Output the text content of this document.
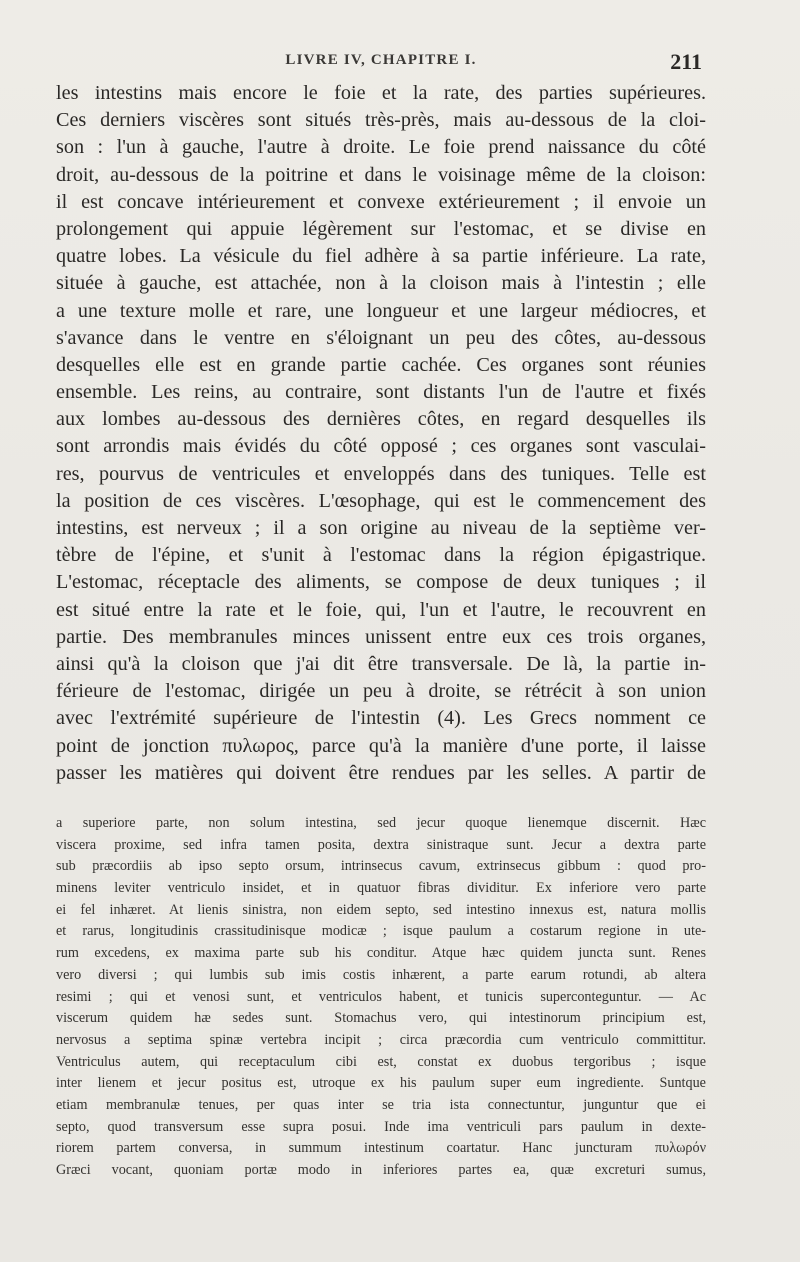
LIVRE IV, CHAPITRE I.	211
les intestins mais encore le foie et la rate, des parties supérieures.
Ces derniers viscères sont situés très-près, mais au-dessous de la cloi-
son : l'un à gauche, l'autre à droite. Le foie prend naissance du côté
droit, au-dessous de la poitrine et dans le voisinage même de la cloison:
il est concave intérieurement et convexe extérieurement ; il envoie un
prolongement qui appuie légèrement sur l'estomac, et se divise en
quatre lobes. La vésicule du fiel adhère à sa partie inférieure. La rate,
située à gauche, est attachée, non à la cloison mais à l'intestin ; elle
a une texture molle et rare, une longueur et une largeur médiocres, et
s'avance dans le ventre en s'éloignant un peu des côtes, au-dessous
desquelles elle est en grande partie cachée. Ces organes sont réunies
ensemble. Les reins, au contraire, sont distants l'un de l'autre et fixés
aux lombes au-dessous des dernières côtes, en regard desquelles ils
sont arrondis mais évidés du côté opposé ; ces organes sont vasculai-
res, pourvus de ventricules et enveloppés dans des tuniques. Telle est
la position de ces viscères. L'œsophage, qui est le commencement des
intestins, est nerveux ; il a son origine au niveau de la septième ver-
tèbre de l'épine, et s'unit à l'estomac dans la région épigastrique.
L'estomac, réceptacle des aliments, se compose de deux tuniques ; il
est situé entre la rate et le foie, qui, l'un et l'autre, le recouvrent en
partie. Des membranules minces unissent entre eux ces trois organes,
ainsi qu'à la cloison que j'ai dit être transversale. De là, la partie in-
férieure de l'estomac, dirigée un peu à droite, se rétrécit à son union
avec l'extrémité supérieure de l'intestin (4). Les Grecs nomment ce
point de jonction πυλωρος, parce qu'à la manière d'une porte, il laisse
passer les matières qui doivent être rendues par les selles. A partir de
a superiore parte, non solum intestina, sed jecur quoque lienemque discernit. Hæc
viscera proxime, sed infra tamen posita, dextra sinistraque sunt. Jecur a dextra parte
sub præcordiis ab ipso septo orsum, intrinsecus cavum, extrinsecus gibbum : quod pro-
minens leviter ventriculo insidet, et in quatuor fibras dividitur. Ex inferiore vero parte
ei fel inhæret. At lienis sinistra, non eidem septo, sed intestino innexus est, natura mollis
et rarus, longitudinis crassitudinisque modicæ ; isque paulum a costarum regione in ute-
rum excedens, ex maxima parte sub his conditur. Atque hæc quidem juncta sunt. Renes
vero diversi ; qui lumbis sub imis costis inhærent, a parte earum rotundi, ab altera
resimi ; qui et venosi sunt, et ventriculos habent, et tunicis superconteguntur. — Ac
viscerum quidem hæ sedes sunt. Stomachus vero, qui intestinorum principium est,
nervosus a septima spinæ vertebra incipit ; circa præcordia cum ventriculo committitur.
Ventriculus autem, qui receptaculum cibi est, constat ex duobus tergoribus ; isque
inter lienem et jecur positus est, utroque ex his paulum super eum ingrediente. Suntque
etiam membranulæ tenues, per quas inter se tria ista connectuntur, junguntur que ei
septo, quod transversum esse supra posui. Inde ima ventriculi pars paulum in dexte-
riorem partem conversa, in summum intestinum coartatur. Hanc juncturam πυλωρόν
Græci vocant, quoniam portæ modo in inferiores partes ea, quæ excreturi sumus,
